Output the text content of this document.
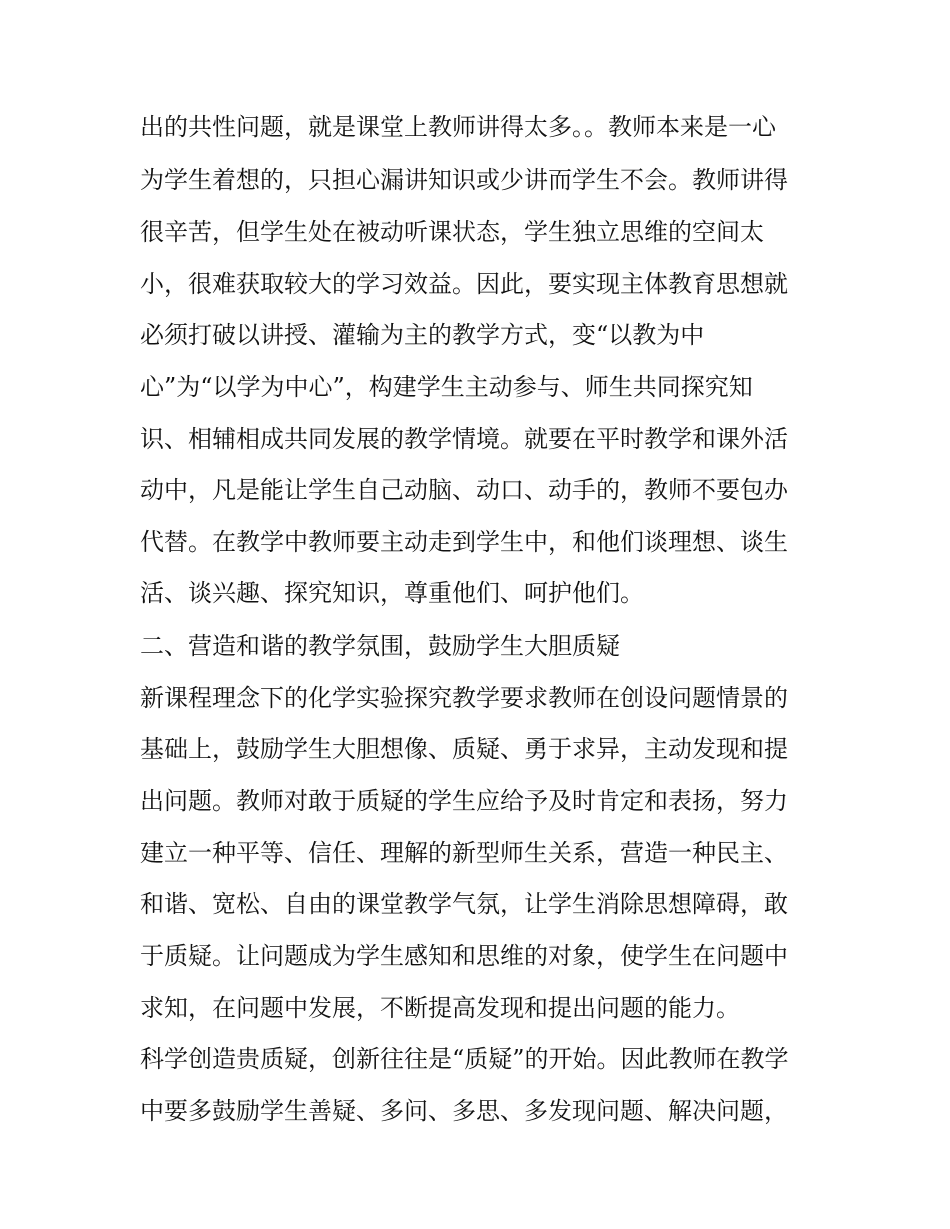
出的共性问题，就是课堂上教师讲得太多。。教师本来是一心
为学生着想的，只担心漏讲知识或少讲而学生不会。教师讲得
很辛苦，但学生处在被动听课状态，学生独立思维的空间太
小，很难获取较大的学习效益。因此，要实现主体教育思想就
必须打破以讲授、灌输为主的教学方式，变“以教为中
心”为“以学为中心”，构建学生主动参与、师生共同探究知
识、相辅相成共同发展的教学情境。就要在平时教学和课外活
动中，凡是能让学生自己动脑、动口、动手的，教师不要包办
代替。在教学中教师要主动走到学生中，和他们谈理想、谈生
活、谈兴趣、探究知识，尊重他们、呵护他们。
二、营造和谐的教学氛围，鼓励学生大胆质疑
新课程理念下的化学实验探究教学要求教师在创设问题情景的
基础上，鼓励学生大胆想像、质疑、勇于求异，主动发现和提
出问题。教师对敢于质疑的学生应给予及时肯定和表扬，努力
建立一种平等、信任、理解的新型师生关系，营造一种民主、
和谐、宽松、自由的课堂教学气氛，让学生消除思想障碍，敢
于质疑。让问题成为学生感知和思维的对象，使学生在问题中
求知，在问题中发展，不断提高发现和提出问题的能力。
科学创造贵质疑，创新往往是“质疑”的开始。因此教师在教学
中要多鼓励学生善疑、多问、多思、多发现问题、解决问题，
